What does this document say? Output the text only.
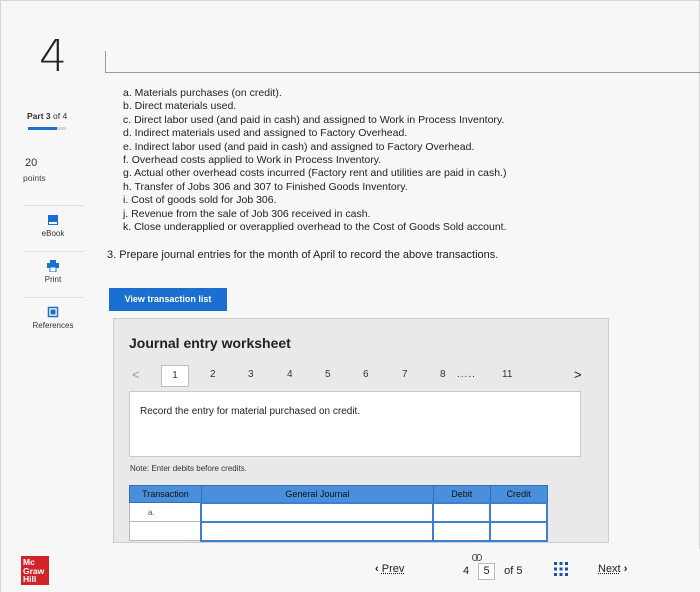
4
Part 3 of 4
20
points
eBook
Print
References
a. Materials purchases (on credit).
b. Direct materials used.
c. Direct labor used (and paid in cash) and assigned to Work in Process Inventory.
d. Indirect materials used and assigned to Factory Overhead.
e. Indirect labor used (and paid in cash) and assigned to Factory Overhead.
f. Overhead costs applied to Work in Process Inventory.
g. Actual other overhead costs incurred (Factory rent and utilities are paid in cash.)
h. Transfer of Jobs 306 and 307 to Finished Goods Inventory.
i. Cost of goods sold for Job 306.
j. Revenue from the sale of Job 306 received in cash.
k. Close underapplied or overapplied overhead to the Cost of Goods Sold account.
3. Prepare journal entries for the month of April to record the above transactions.
View transaction list
Journal entry worksheet
<	1	2	3	4	5	6	7	8 .....	11	>

Record the entry for material purchased on credit.

Note: Enter debits before credits.
Transaction	General Journal	Debit	Credit
a.			

Mc
Graw
Hill
‹ Prev	4 5 of 5	Next ›
